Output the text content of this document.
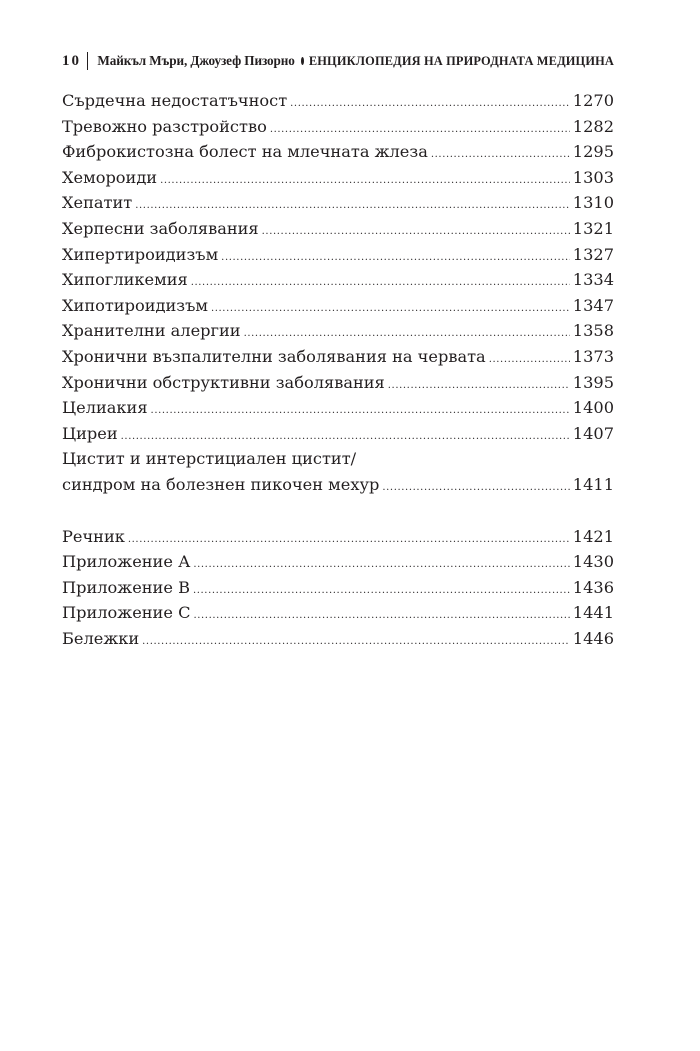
10 Майкъл Мъри, Джоузеф Пизорно ЕНЦИКЛОПЕДИЯ НА ПРИРОДНАТА МЕДИЦИНА
Сърдечна недостатъчност .....	1270
Тревожно разстройство .....	1282
Фиброкистозна болест на млечната жлеза .....	1295
Хемороиди .....	1303
Хепатит .....	1310
Херпесни заболявания .....	1321
Хипертироидизъм .....	1327
Хипогликемия .....	1334
Хипотироидизъм .....	1347
Хранителни алергии .....	1358
Хронични възпалителни заболявания на червата .....	1373
Хронични обструктивни заболявания .....	1395
Целиакия .....	1400
Циреи .....	1407
Цистит и интерстициален цистит/
синдром на болезнен пикочен мехур .....	1411
Речник .....	1421
Приложение А .....	1430
Приложение В .....	1436
Приложение С .....	1441
Бележки .....	1446
